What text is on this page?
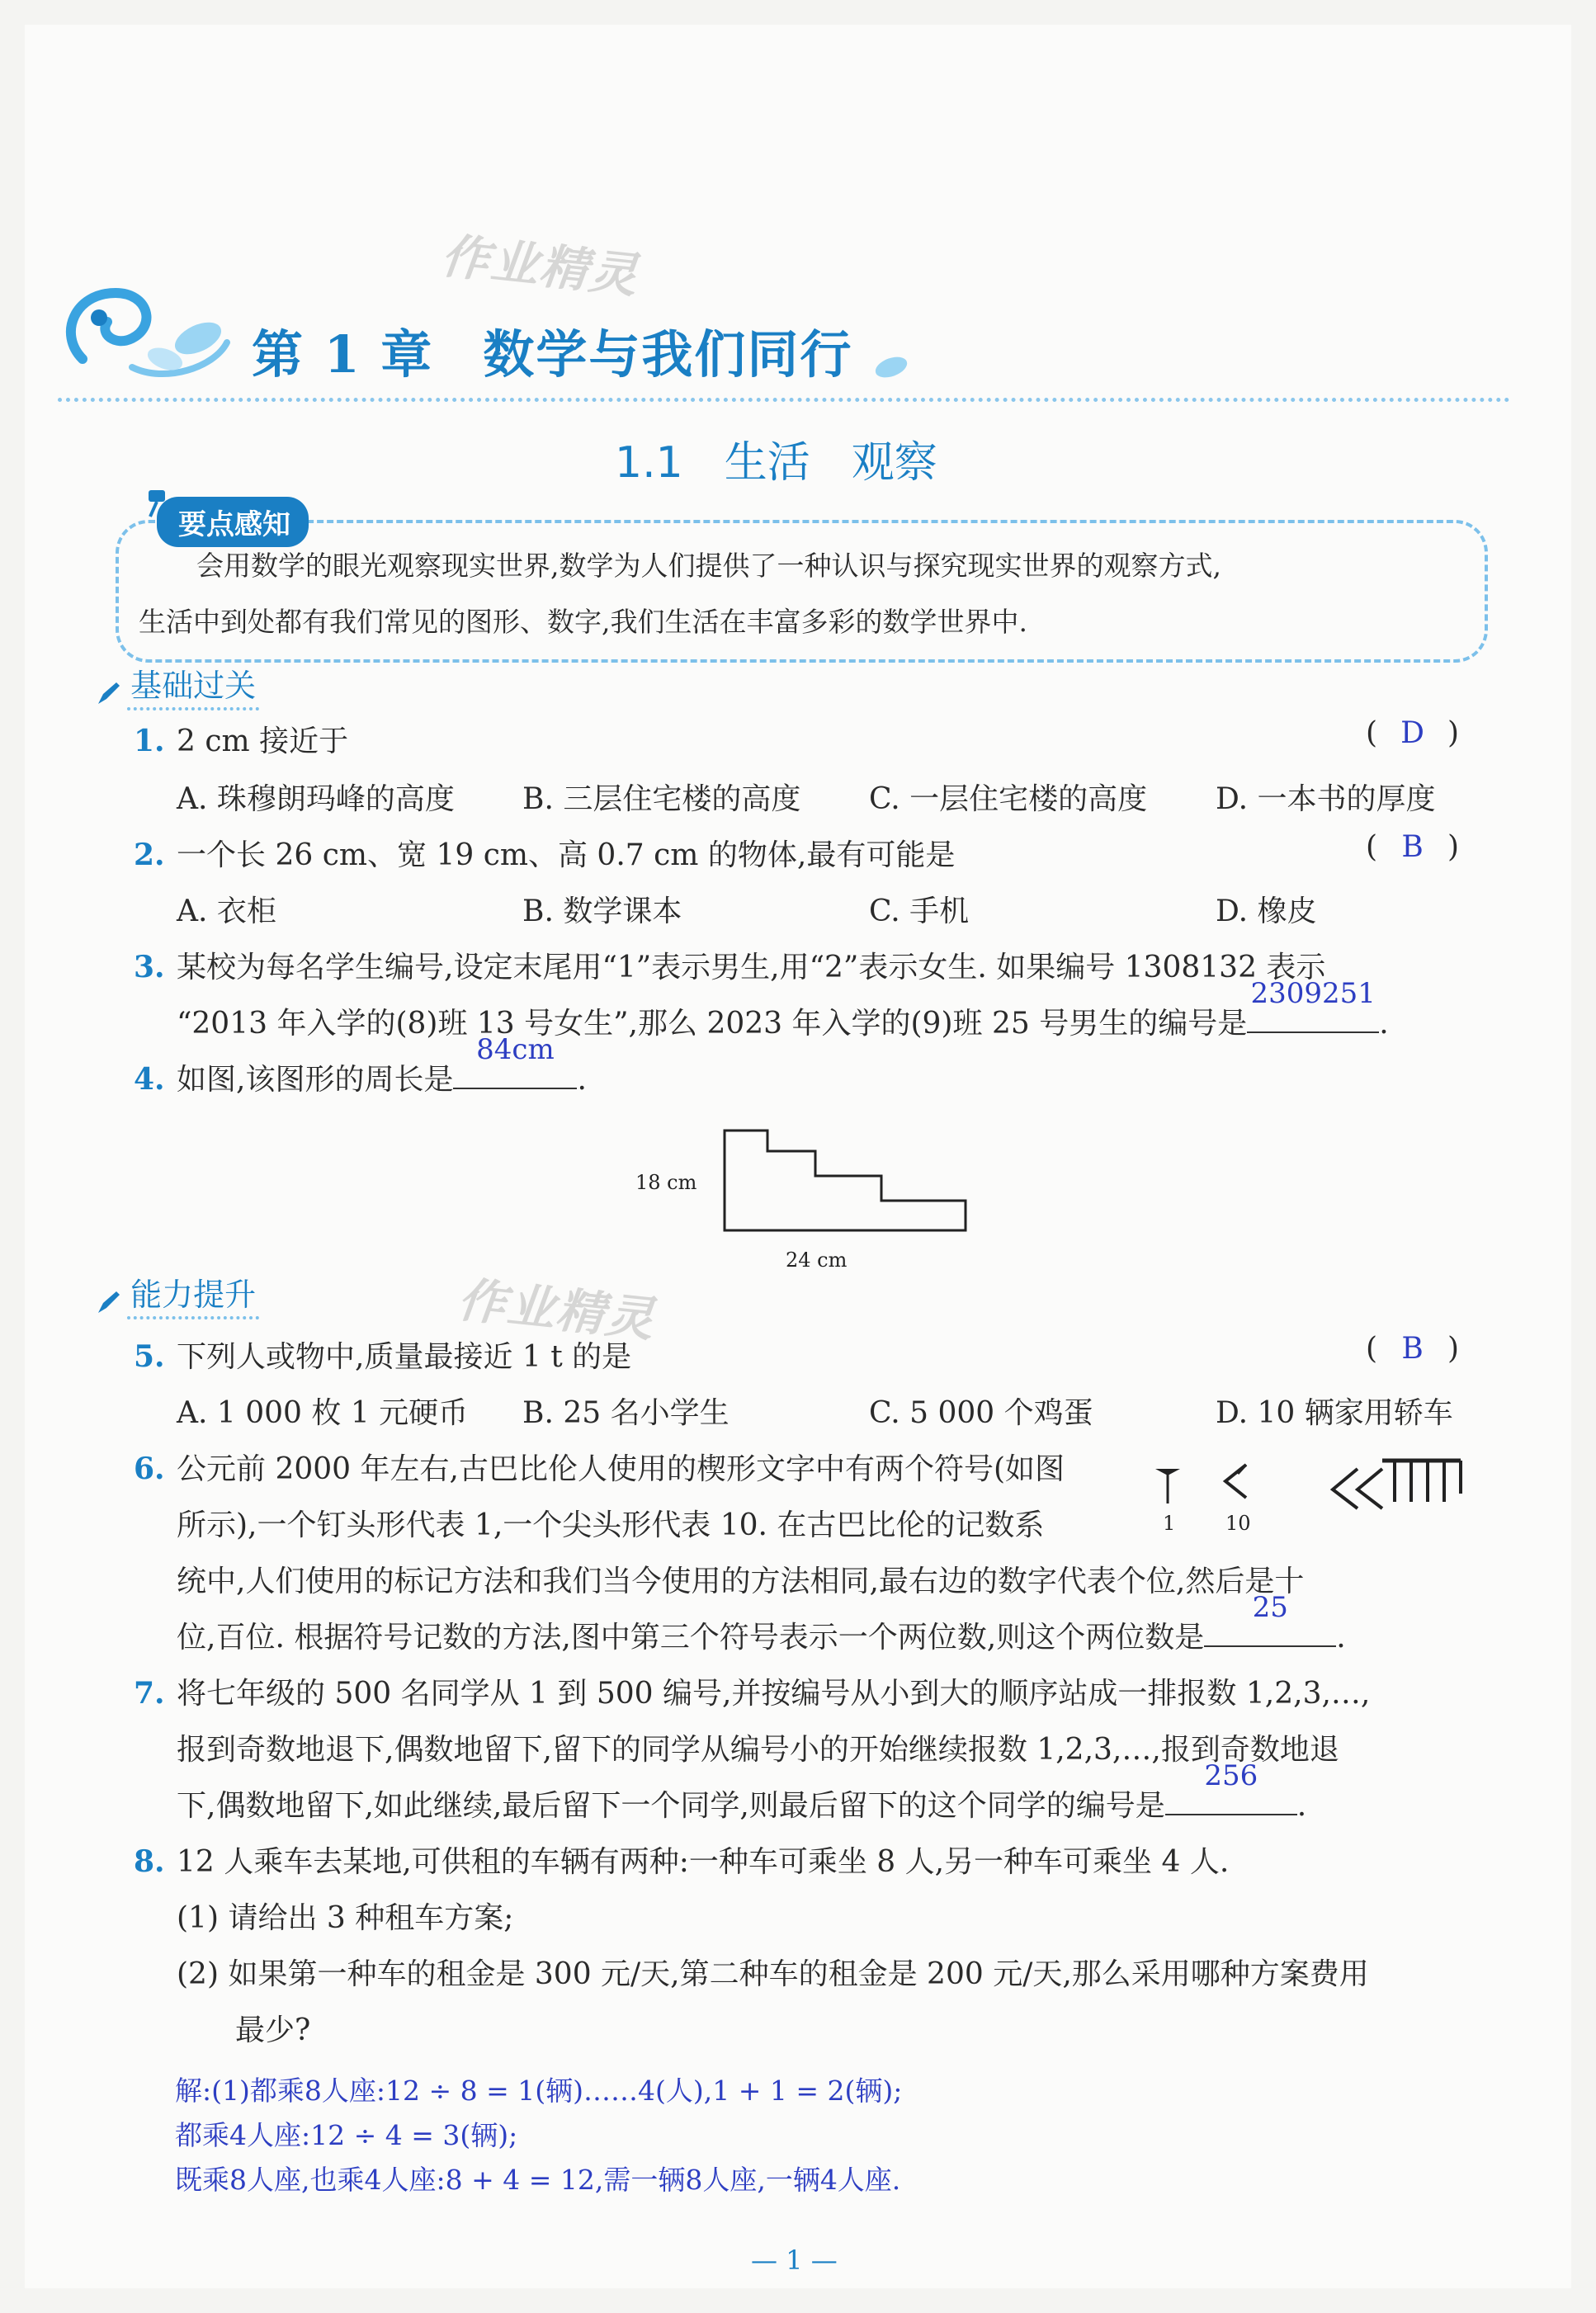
第 1 章 数学与我们同行
作业精灵
1.1 生活 观察
要点感知
会用数学的眼光观察现实世界,数学为人们提供了一种认识与探究现实世界的观察方式,
生活中到处都有我们常见的图形、数字,我们生活在丰富多彩的数学世界中.
基础过关
1. 2 cm 接近于	( D )
A. 珠穆朗玛峰的高度 B. 三层住宅楼的高度 C. 一层住宅楼的高度 D. 一本书的厚度
2. 一个长 26 cm、宽 19 cm、高 0.7 cm 的物体,最有可能是	( B )
A. 衣柜	B. 数学课本	C. 手机	D. 橡皮
3. 某校为每名学生编号,设定末尾用“1”表示男生,用“2”表示女生. 如果编号 1308132 表示
“2013 年入学的(8)班 13 号女生”,那么 2023 年入学的(9)班 25 号男生的编号是
2309251
.
4. 如图,该图形的周长是
84cm
.
18 cm
24 cm
能力提升	作业精灵
5. 下列人或物中,质量最接近 1 t 的是	( B )
A. 1 000 枚 1 元硬币 B. 25 名小学生	C. 5 000 个鸡蛋	D. 10 辆家用轿车
6. 公元前 2000 年左右,古巴比伦人使用的楔形文字中有两个符号(如图
所示),一个钉头形代表 1,一个尖头形代表 10. 在古巴比伦的记数系	1	10
统中,人们使用的标记方法和我们当今使用的方法相同,最右边的数字代表个位,然后是十
位,百位. 根据符号记数的方法,图中第三个符号表示一个两位数,则这个两位数是
25
.
7. 将七年级的 500 名同学从 1 到 500 编号,并按编号从小到大的顺序站成一排报数 1,2,3,…,
报到奇数地退下,偶数地留下,留下的同学从编号小的开始继续报数 1,2,3,…,报到奇数地退
下,偶数地留下,如此继续,最后留下一个同学,则最后留下的这个同学的编号是
256
.
8. 12 人乘车去某地,可供租的车辆有两种:一种车可乘坐 8 人,另一种车可乘坐 4 人.
(1) 请给出 3 种租车方案;
(2) 如果第一种车的租金是 300 元/天,第二种车的租金是 200 元/天,那么采用哪种方案费用
最少?
解:(1)都乘8人座:12 ÷ 8 = 1(辆)……4(人),1 + 1 = 2(辆);
都乘4人座:12 ÷ 4 = 3(辆);
既乘8人座,也乘4人座:8 + 4 = 12,需一辆8人座,一辆4人座.
— 1 —
